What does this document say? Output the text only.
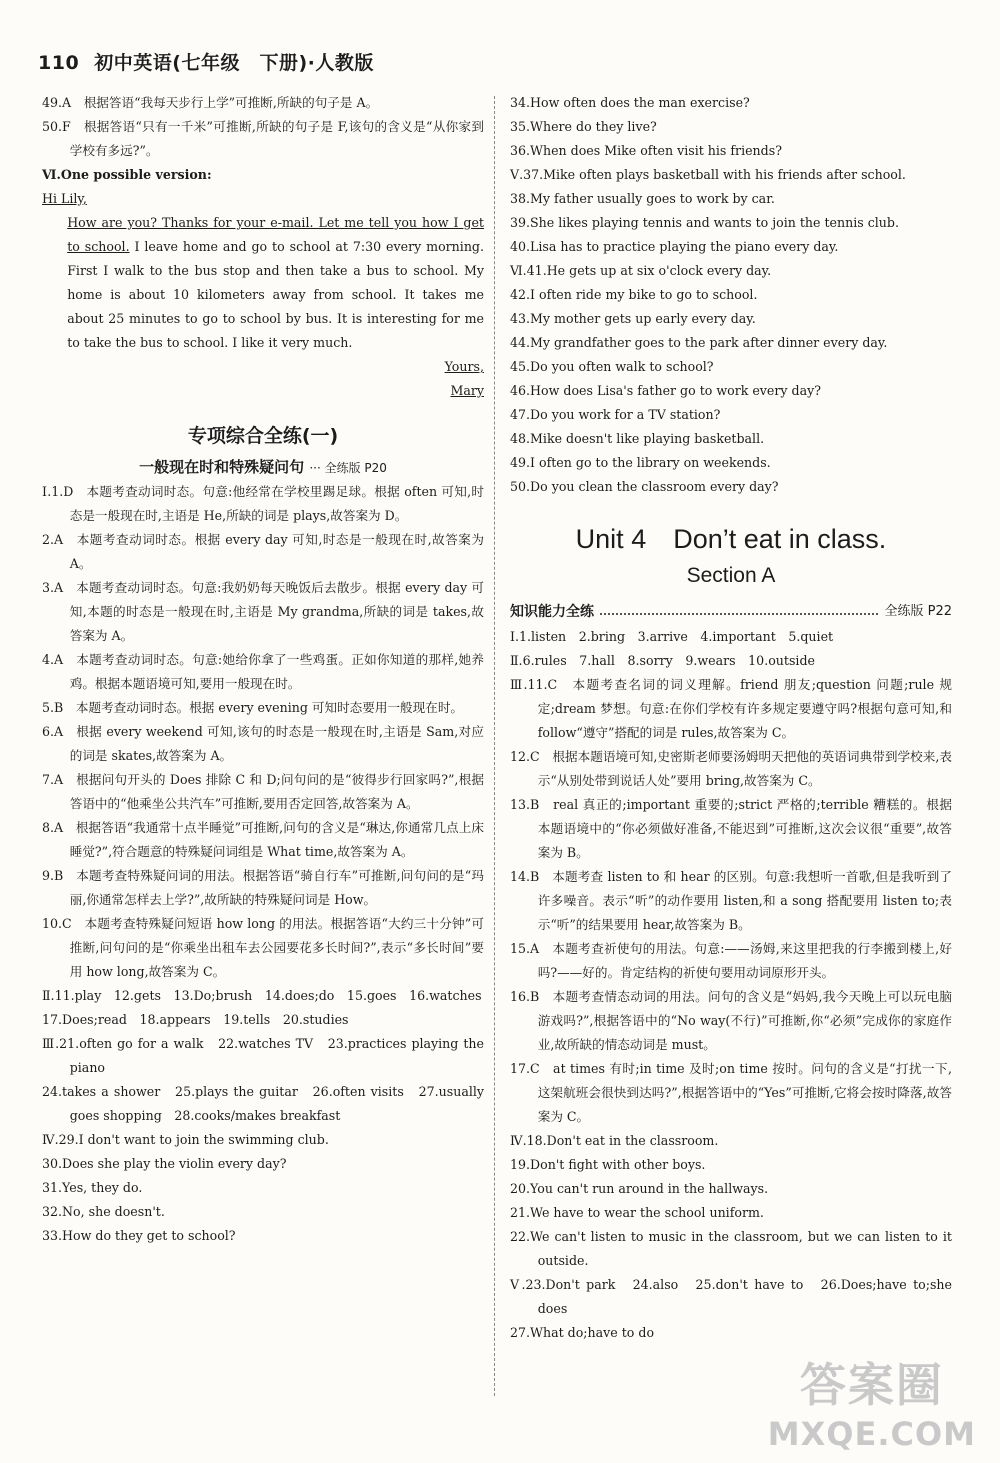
110 初中英语(七年级　下册)·人教版

49.A　根据答语“我每天步行上学”可推断,所缺的句子是 A。

50.F　根据答语“只有一千米”可推断,所缺的句子是 F,该句的含义是“从你家到学校有多远?”。

Ⅵ.One possible version:

Hi Lily,

How are you? Thanks for your e-mail. Let me tell you how I get to school. I leave home and go to school at 7:30 every morning. First I walk to the bus stop and then take a bus to school. My home is about 10 kilometers away from school. It takes me about 25 minutes to go to school by bus. It is interesting for me to take the bus to school. I like it very much.

Yours,

Mary

专项综合全练(一)
一般现在时和特殊疑问句 ··· 全练版 P20

Ⅰ.1.D　本题考查动词时态。句意:他经常在学校里踢足球。根据 often 可知,时态是一般现在时,主语是 He,所缺的词是 plays,故答案为 D。

2.A　本题考查动词时态。根据 every day 可知,时态是一般现在时,故答案为 A。

3.A　本题考查动词时态。句意:我奶奶每天晚饭后去散步。根据 every day 可知,本题的时态是一般现在时,主语是 My grandma,所缺的词是 takes,故答案为 A。

4.A　本题考查动词时态。句意:她给你拿了一些鸡蛋。正如你知道的那样,她养鸡。根据本题语境可知,要用一般现在时。

5.B　本题考查动词时态。根据 every evening 可知时态要用一般现在时。

6.A　根据 every weekend 可知,该句的时态是一般现在时,主语是 Sam,对应的词是 skates,故答案为 A。

7.A　根据问句开头的 Does 排除 C 和 D;问句问的是“彼得步行回家吗?”,根据答语中的“他乘坐公共汽车”可推断,要用否定回答,故答案为 A。

8.A　根据答语“我通常十点半睡觉”可推断,问句的含义是“琳达,你通常几点上床睡觉?”,符合题意的特殊疑问词组是 What time,故答案为 A。

9.B　本题考查特殊疑问词的用法。根据答语“骑自行车”可推断,问句问的是“玛丽,你通常怎样去上学?”,故所缺的特殊疑问词是 How。

10.C　本题考查特殊疑问短语 how long 的用法。根据答语“大约三十分钟”可推断,问句问的是“你乘坐出租车去公园要花多长时间?”,表示“多长时间”要用 how long,故答案为 C。

Ⅱ.11.play　12.gets　13.Do;brush　14.does;do　15.goes　16.watches

17.Does;read　18.appears　19.tells　20.studies

Ⅲ.21.often go for a walk　22.watches TV　23.practices playing the piano

24.takes a shower　25.plays the guitar　26.often visits　27.usually goes shopping　28.cooks/makes breakfast

Ⅳ.29.I don't want to join the swimming club.

30.Does she play the violin every day?

31.Yes, they do.

32.No, she doesn't.

33.How do they get to school?

34.How often does the man exercise?

35.Where do they live?

36.When does Mike often visit his friends?

Ⅴ.37.Mike often plays basketball with his friends after school.

38.My father usually goes to work by car.

39.She likes playing tennis and wants to join the tennis club.

40.Lisa has to practice playing the piano every day.

Ⅵ.41.He gets up at six o'clock every day.

42.I often ride my bike to go to school.

43.My mother gets up early every day.

44.My grandfather goes to the park after dinner every day.

45.Do you often walk to school?

46.How does Lisa's father go to work every day?

47.Do you work for a TV station?

48.Mike doesn't like playing basketball.

49.I often go to the library on weekends.

50.Do you clean the classroom every day?

Unit 4　Don’t eat in class.
Section A
知识能力全练	全练版 P22

Ⅰ.1.listen　2.bring　3.arrive　4.important　5.quiet

Ⅱ.6.rules　7.hall　8.sorry　9.wears　10.outside

Ⅲ.11.C　本题考查名词的词义理解。friend 朋友;question 问题;rule 规定;dream 梦想。句意:在你们学校有许多规定要遵守吗?根据句意可知,和 follow“遵守”搭配的词是 rules,故答案为 C。

12.C　根据本题语境可知,史密斯老师要汤姆明天把他的英语词典带到学校来,表示“从别处带到说话人处”要用 bring,故答案为 C。

13.B　real 真正的;important 重要的;strict 严格的;terrible 糟糕的。根据本题语境中的“你必须做好准备,不能迟到”可推断,这次会议很“重要”,故答案为 B。

14.B　本题考查 listen to 和 hear 的区别。句意:我想听一首歌,但是我听到了许多噪音。表示“听”的动作要用 listen,和 a song 搭配要用 listen to;表示“听”的结果要用 hear,故答案为 B。

15.A　本题考查祈使句的用法。句意:——汤姆,来这里把我的行李搬到楼上,好吗?——好的。肯定结构的祈使句要用动词原形开头。

16.B　本题考查情态动词的用法。问句的含义是“妈妈,我今天晚上可以玩电脑游戏吗?”,根据答语中的“No way(不行)”可推断,你“必须”完成你的家庭作业,故所缺的情态动词是 must。

17.C　at times 有时;in time 及时;on time 按时。问句的含义是“打扰一下,这架航班会很快到达吗?”,根据答语中的“Yes”可推断,它将会按时降落,故答案为 C。

Ⅳ.18.Don't eat in the classroom.

19.Don't fight with other boys.

20.You can't run around in the hallways.

21.We have to wear the school uniform.

22.We can't listen to music in the classroom, but we can listen to it outside.

Ⅴ.23.Don't park　24.also　25.don't have to　26.Does;have to;she does

27.What do;have to do

答案圈
MXQE.COM
